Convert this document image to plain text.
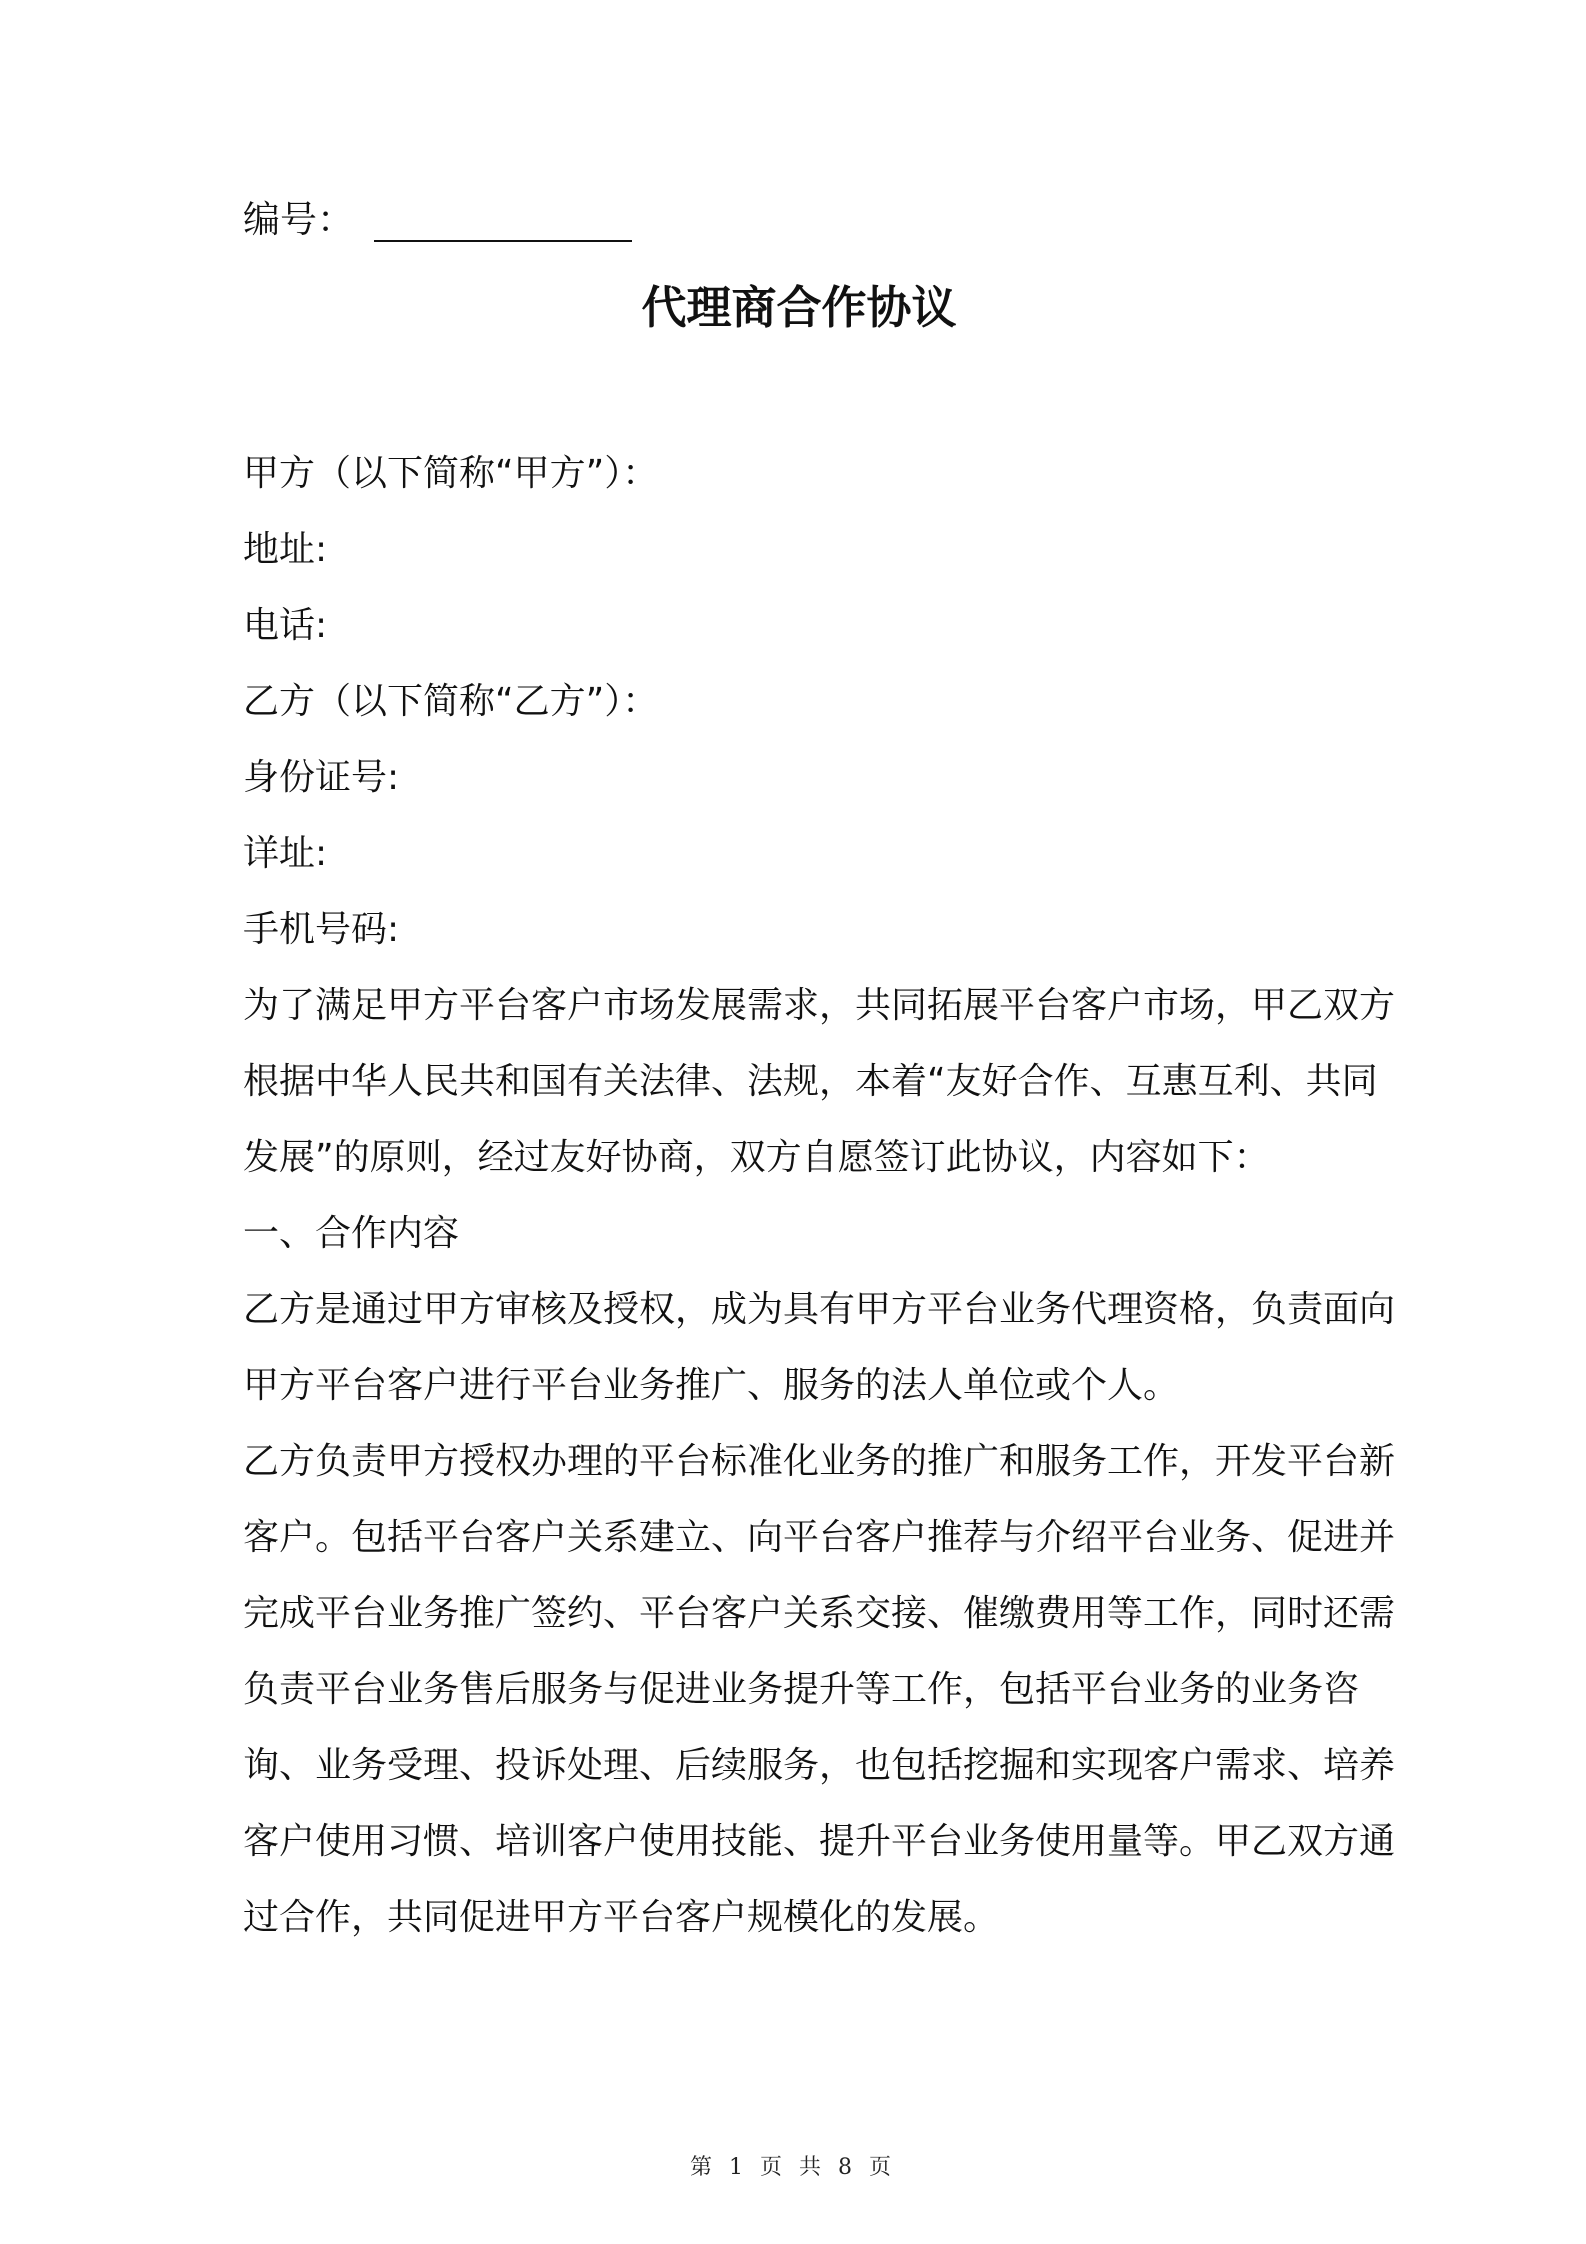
编号：
代理商合作协议
甲方（以下简称“甲方”）：
地址:
电话:
乙方（以下简称“乙方”）：
身份证号:
详址:
手机号码:
为了满足甲方平台客户市场发展需求，共同拓展平台客户市场，甲乙双方
根据中华人民共和国有关法律、法规，本着“友好合作、互惠互利、共同
发展”的原则，经过友好协商，双方自愿签订此协议，内容如下：
一、合作内容
乙方是通过甲方审核及授权，成为具有甲方平台业务代理资格，负责面向
甲方平台客户进行平台业务推广、服务的法人单位或个人。
乙方负责甲方授权办理的平台标准化业务的推广和服务工作，开发平台新
客户。包括平台客户关系建立、向平台客户推荐与介绍平台业务、促进并
完成平台业务推广签约、平台客户关系交接、催缴费用等工作，同时还需
负责平台业务售后服务与促进业务提升等工作，包括平台业务的业务咨
询、业务受理、投诉处理、后续服务，也包括挖掘和实现客户需求、培养
客户使用习惯、培训客户使用技能、提升平台业务使用量等。甲乙双方通
过合作，共同促进甲方平台客户规模化的发展。
第 1 页 共 8 页
